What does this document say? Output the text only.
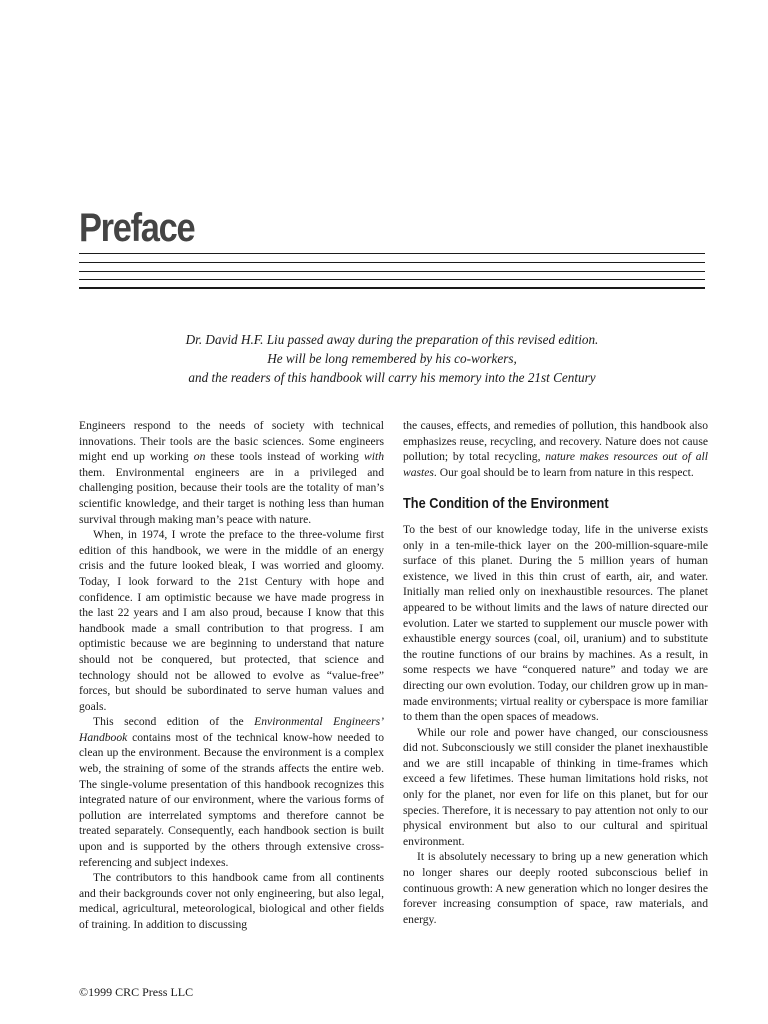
Preface
Dr. David H.F. Liu passed away during the preparation of this revised edition.
He will be long remembered by his co-workers,
and the readers of this handbook will carry his memory into the 21st Century

Engineers respond to the needs of society with technical innovations. Their tools are the basic sciences. Some engineers might end up working on these tools instead of working with them. Environmental engineers are in a privileged and challenging position, because their tools are the totality of man’s scientific knowledge, and their target is nothing less than human survival through making man’s peace with nature.

When, in 1974, I wrote the preface to the three-volume first edition of this handbook, we were in the middle of an energy crisis and the future looked bleak, I was worried and gloomy. Today, I look forward to the 21st Century with hope and confidence. I am optimistic because we have made progress in the last 22 years and I am also proud, because I know that this handbook made a small contribution to that progress. I am optimistic because we are beginning to understand that nature should not be conquered, but protected, that science and technology should not be allowed to evolve as “value-free” forces, but should be subordinated to serve human values and goals.

This second edition of the Environmental Engineers’ Handbook contains most of the technical know-how needed to clean up the environment. Because the environment is a complex web, the straining of some of the strands affects the entire web. The single-volume presentation of this handbook recognizes this integrated nature of our environment, where the various forms of pollution are interrelated symptoms and therefore cannot be treated separately. Consequently, each handbook section is built upon and is supported by the others through extensive cross-referencing and subject indexes.

The contributors to this handbook came from all continents and their backgrounds cover not only engineering, but also legal, medical, agricultural, meteorological, biological and other fields of training. In addition to discussing

the causes, effects, and remedies of pollution, this handbook also emphasizes reuse, recycling, and recovery. Nature does not cause pollution; by total recycling, nature makes resources out of all wastes. Our goal should be to learn from nature in this respect.

The Condition of the Environment

To the best of our knowledge today, life in the universe exists only in a ten-mile-thick layer on the 200-million-square-mile surface of this planet. During the 5 million years of human existence, we lived in this thin crust of earth, air, and water. Initially man relied only on inexhaustible resources. The planet appeared to be without limits and the laws of nature directed our evolution. Later we started to supplement our muscle power with exhaustible energy sources (coal, oil, uranium) and to substitute the routine functions of our brains by machines. As a result, in some respects we have “conquered nature” and today we are directing our own evolution. Today, our children grow up in man-made environments; virtual reality or cyberspace is more familiar to them than the open spaces of meadows.

While our role and power have changed, our consciousness did not. Subconsciously we still consider the planet inexhaustible and we are still incapable of thinking in time-frames which exceed a few lifetimes. These human limitations hold risks, not only for the planet, nor even for life on this planet, but for our species. Therefore, it is necessary to pay attention not only to our physical environment but also to our cultural and spiritual environment.

It is absolutely necessary to bring up a new generation which no longer shares our deeply rooted subconscious belief in continuous growth: A new generation which no longer desires the forever increasing consumption of space, raw materials, and energy.

©1999 CRC Press LLC
